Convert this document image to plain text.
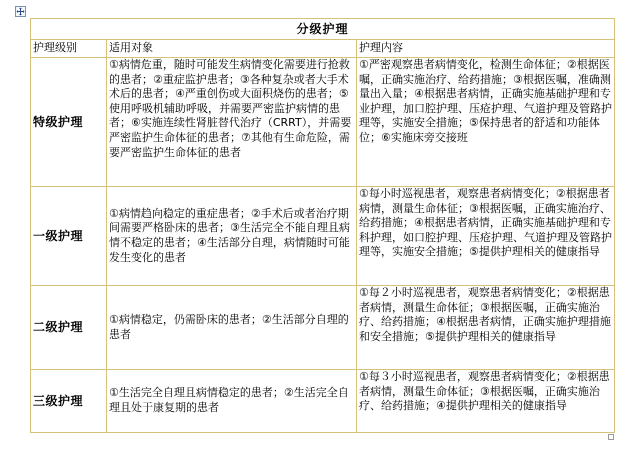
分级护理		
护理级别	适用对象	护理内容
特级护理	①病情危重，随时可能发生病情变化需要进行抢救的患者；②重症监护患者；③各种复杂或者大手术术后的患者；④严重创伤或大面积烧伤的患者；⑤使用呼吸机辅助呼吸，并需要严密监护病情的患者；⑥实施连续性肾脏替代治疗（CRRT），并需要严密监护生命体征的患者；⑦其他有生命危险，需要严密监护生命体征的患者	①严密观察患者病情变化，检测生命体征；②根据医嘱，正确实施治疗、给药措施；③根据医嘱，准确测量出入量；④根据患者病情，正确实施基础护理和专业护理，加口腔护理、压疮护理、气道护理及管路护理等，实施安全措施；⑤保持患者的舒适和功能体位；⑥实施床旁交接班
一级护理	①病情趋向稳定的重症患者；②手术后或者治疗期间需要严格卧床的患者；③生活完全不能自理且病情不稳定的患者；④生活部分自理，病情随时可能发生变化的患者	①每小时巡视患者，观察患者病情变化；②根据患者病情，测量生命体征；③根据医嘱，正确实施治疗、给药措施；④根据患者病情，正确实施基础护理和专科护理，如口腔护理、压疮护理、气道护理及管路护理等，实施安全措施；⑤提供护理相关的健康指导
二级护理	①病情稳定，仍需卧床的患者；②生活部分自理的患者	①每２小时巡视患者，观察患者病情变化；②根据患者病情，测量生命体征；③根据医嘱，正确实施治疗、给药措施；④根据患者病情，正确实施护理措施和安全措施；⑤提供护理相关的健康指导
三级护理	①生活完全自理且病情稳定的患者；②生活完全自理且处于康复期的患者	①每３小时巡视患者，观察患者病情变化；②根据患者病情，测量生命体征；③根据医嘱，正确实施治疗、给药措施；④提供护理相关的健康指导
